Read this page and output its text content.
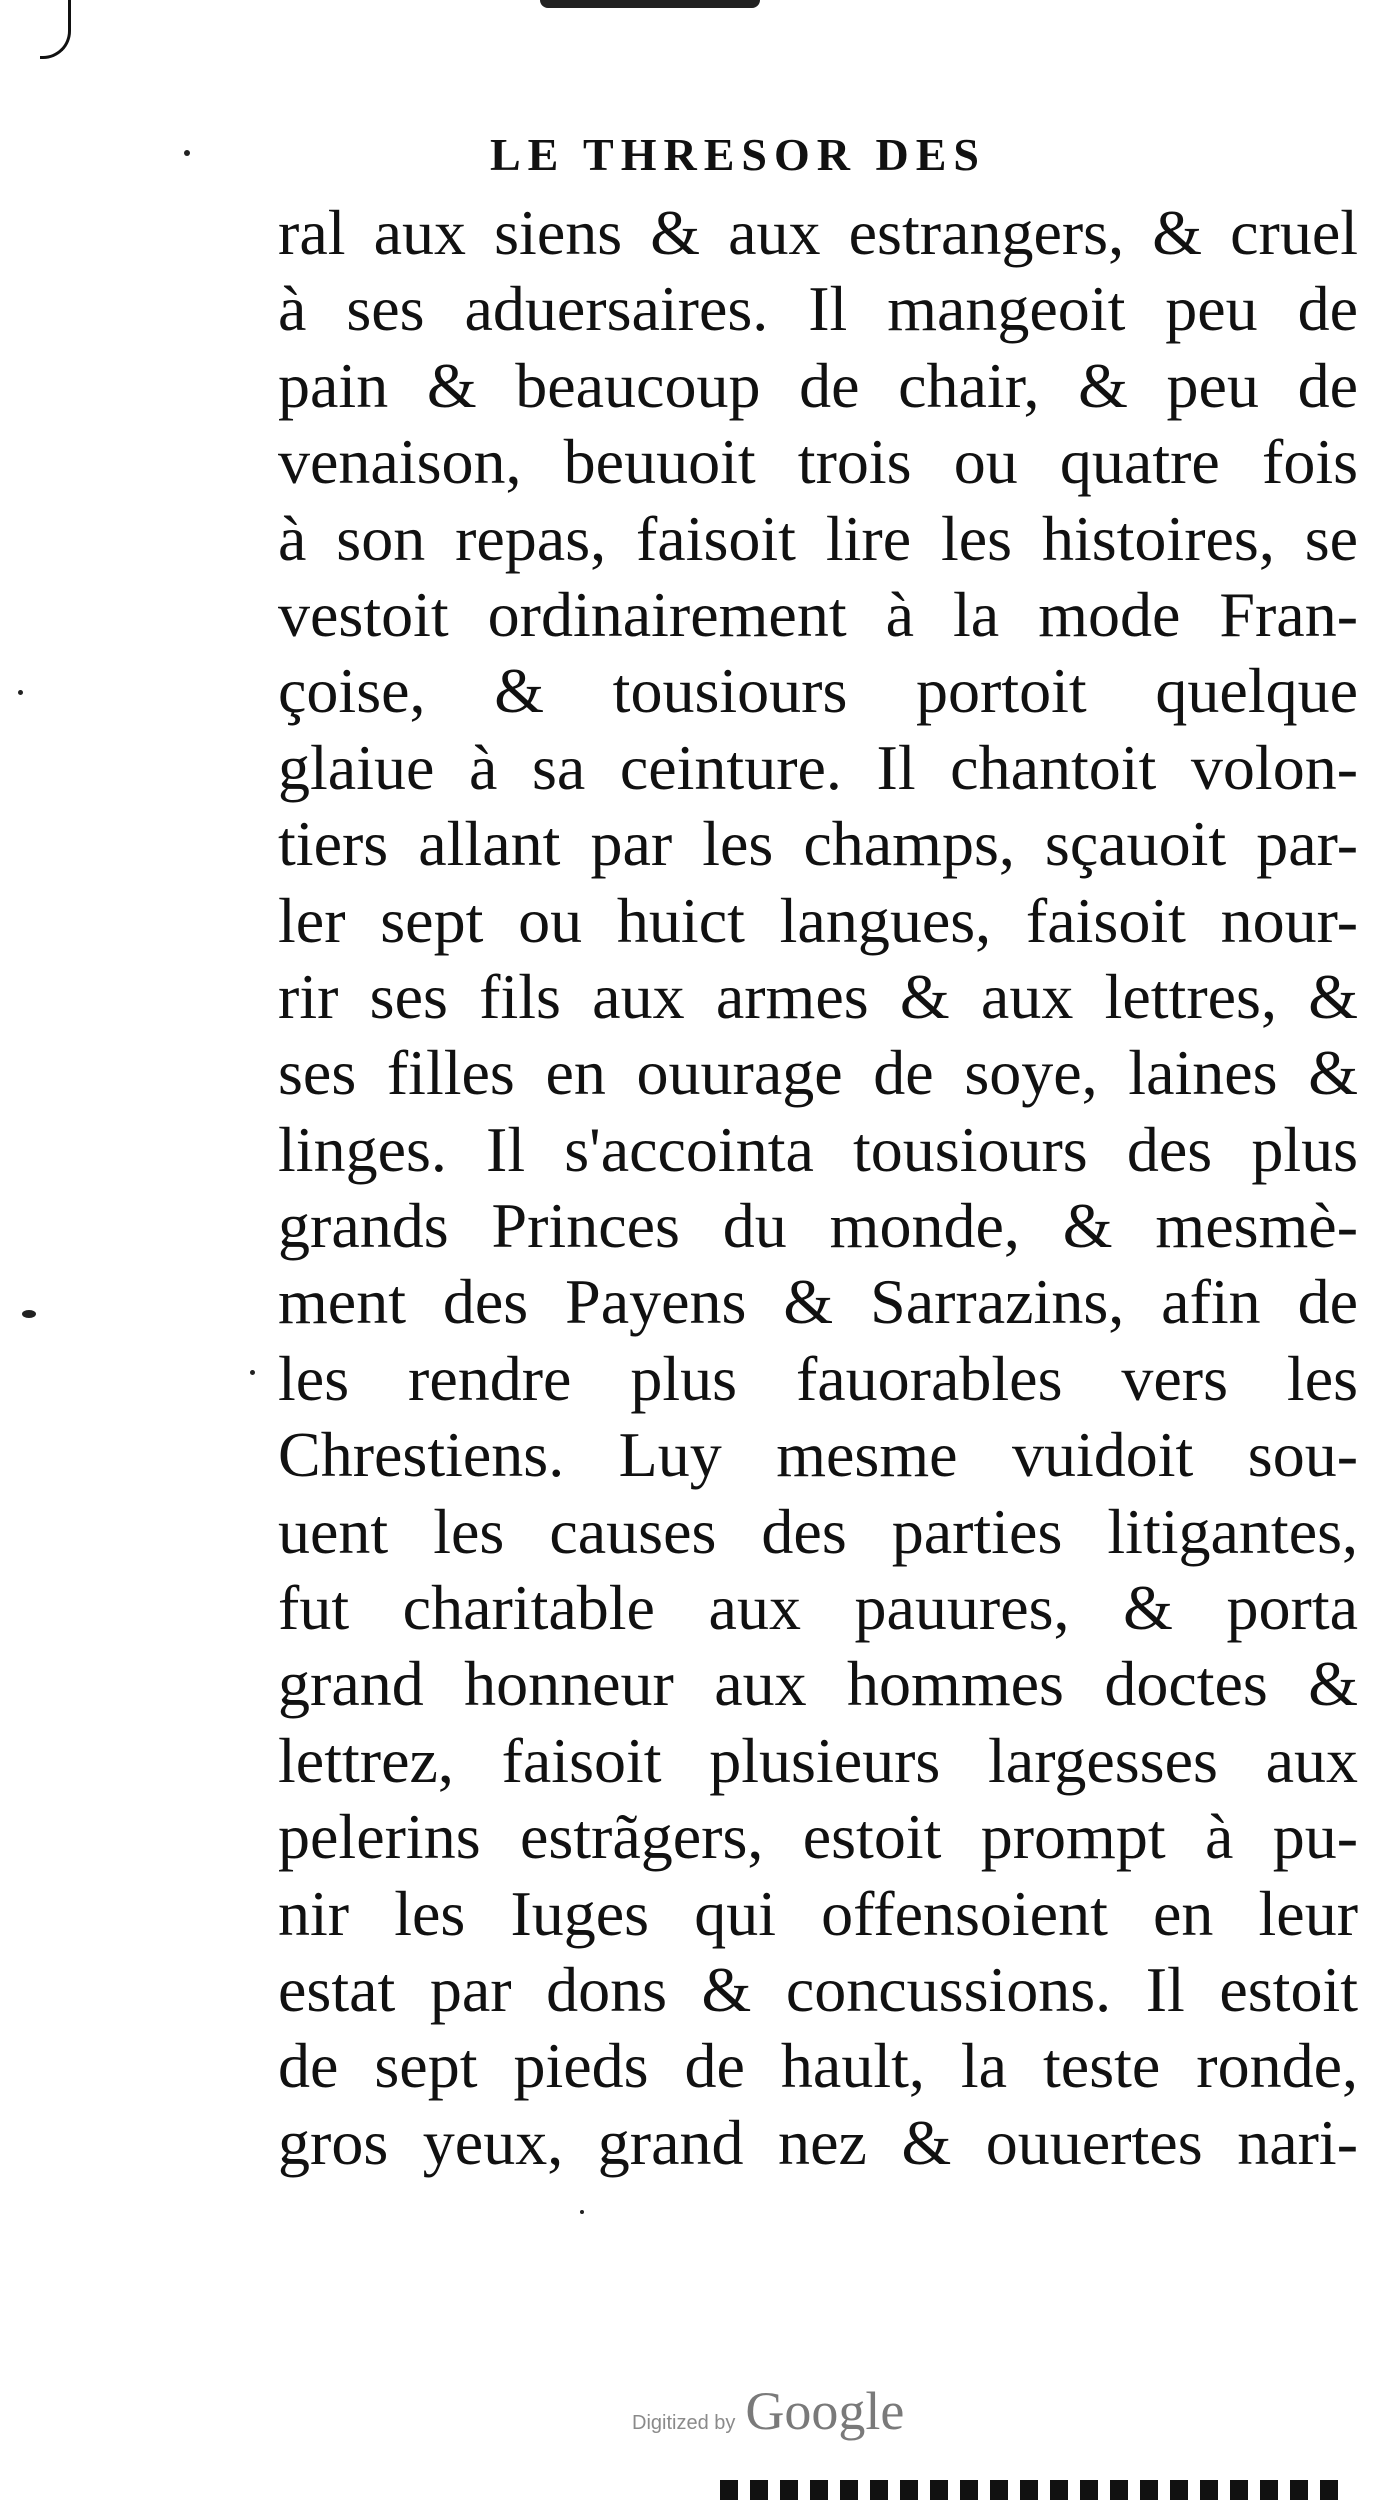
LE THRESOR DES
ral aux siens & aux estrangers, & cruel
à ses aduersaires. Il mangeoit peu de
pain & beaucoup de chair, & peu de
venaison, beuuoit trois ou quatre fois
à son repas, faisoit lire les histoires, se
vestoit ordinairement à la mode Fran-
çoise, & tousiours portoit quelque
glaiue à sa ceinture. Il chantoit volon-
tiers allant par les champs, sçauoit par-
ler sept ou huict langues, faisoit nour-
rir ses fils aux armes & aux lettres, &
ses filles en ouurage de soye, laines &
linges. Il s'accointa tousiours des plus
grands Princes du monde, & mesmè-
ment des Payens & Sarrazins, afin de
les rendre plus fauorables vers les
Chrestiens. Luy mesme vuidoit sou-
uent les causes des parties litigantes,
fut charitable aux pauures, & porta
grand honneur aux hommes doctes &
lettrez, faisoit plusieurs largesses aux
pelerins estrãgers, estoit prompt à pu-
nir les Iuges qui offensoient en leur
estat par dons & concussions. Il estoit
de sept pieds de hault, la teste ronde,
gros yeux, grand nez & ouuertes nari-
Digitized by Google
